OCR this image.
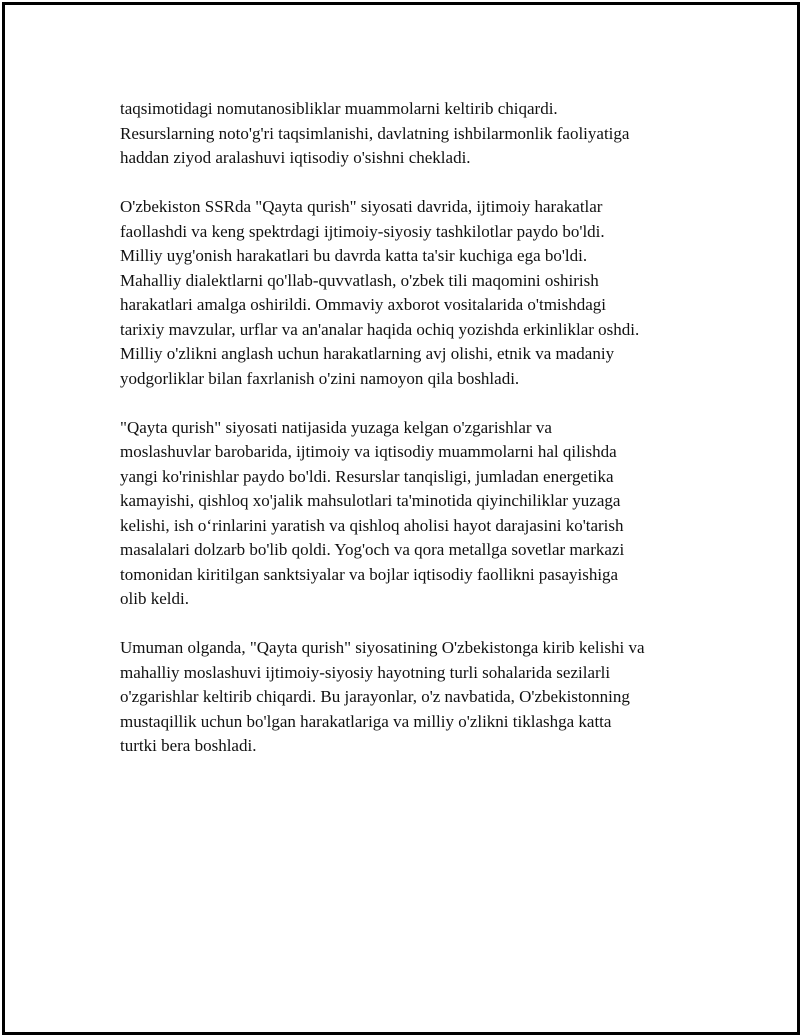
taqsimotidagi nomutanosibliklar muammolarni keltirib chiqardi.
Resurslarning noto'g'ri taqsimlanishi, davlatning ishbilarmonlik faoliyatiga
haddan ziyod aralashuvi iqtisodiy o'sishni chekladi.

O'zbekiston SSRda "Qayta qurish" siyosati davrida, ijtimoiy harakatlar
faollashdi va keng spektrdagi ijtimoiy-siyosiy tashkilotlar paydo bo'ldi.
Milliy uyg'onish harakatlari bu davrda katta ta'sir kuchiga ega bo'ldi.
Mahalliy dialektlarni qo'llab-quvvatlash, o'zbek tili maqomini oshirish
harakatlari amalga oshirildi. Ommaviy axborot vositalarida o'tmishdagi
tarixiy mavzular, urflar va an'analar haqida ochiq yozishda erkinliklar oshdi.
Milliy o'zlikni anglash uchun harakatlarning avj olishi, etnik va madaniy
yodgorliklar bilan faxrlanish o'zini namoyon qila boshladi.

"Qayta qurish" siyosati natijasida yuzaga kelgan o'zgarishlar va
moslashuvlar barobarida, ijtimoiy va iqtisodiy muammolarni hal qilishda
yangi ko'rinishlar paydo bo'ldi. Resurslar tanqisligi, jumladan energetika
kamayishi, qishloq xo'jalik mahsulotlari ta'minotida qiyinchiliklar yuzaga
kelishi, ish o‘rinlarini yaratish va qishloq aholisi hayot darajasini ko'tarish
masalalari dolzarb bo'lib qoldi. Yog'och va qora metallga sovetlar markazi
tomonidan kiritilgan sanktsiyalar va bojlar iqtisodiy faollikni pasayishiga
olib keldi.

Umuman olganda, "Qayta qurish" siyosatining O'zbekistonga kirib kelishi va
mahalliy moslashuvi ijtimoiy-siyosiy hayotning turli sohalarida sezilarli
o'zgarishlar keltirib chiqardi. Bu jarayonlar, o'z navbatida, O'zbekistonning
mustaqillik uchun bo'lgan harakatlariga va milliy o'zlikni tiklashga katta
turtki bera boshladi.
